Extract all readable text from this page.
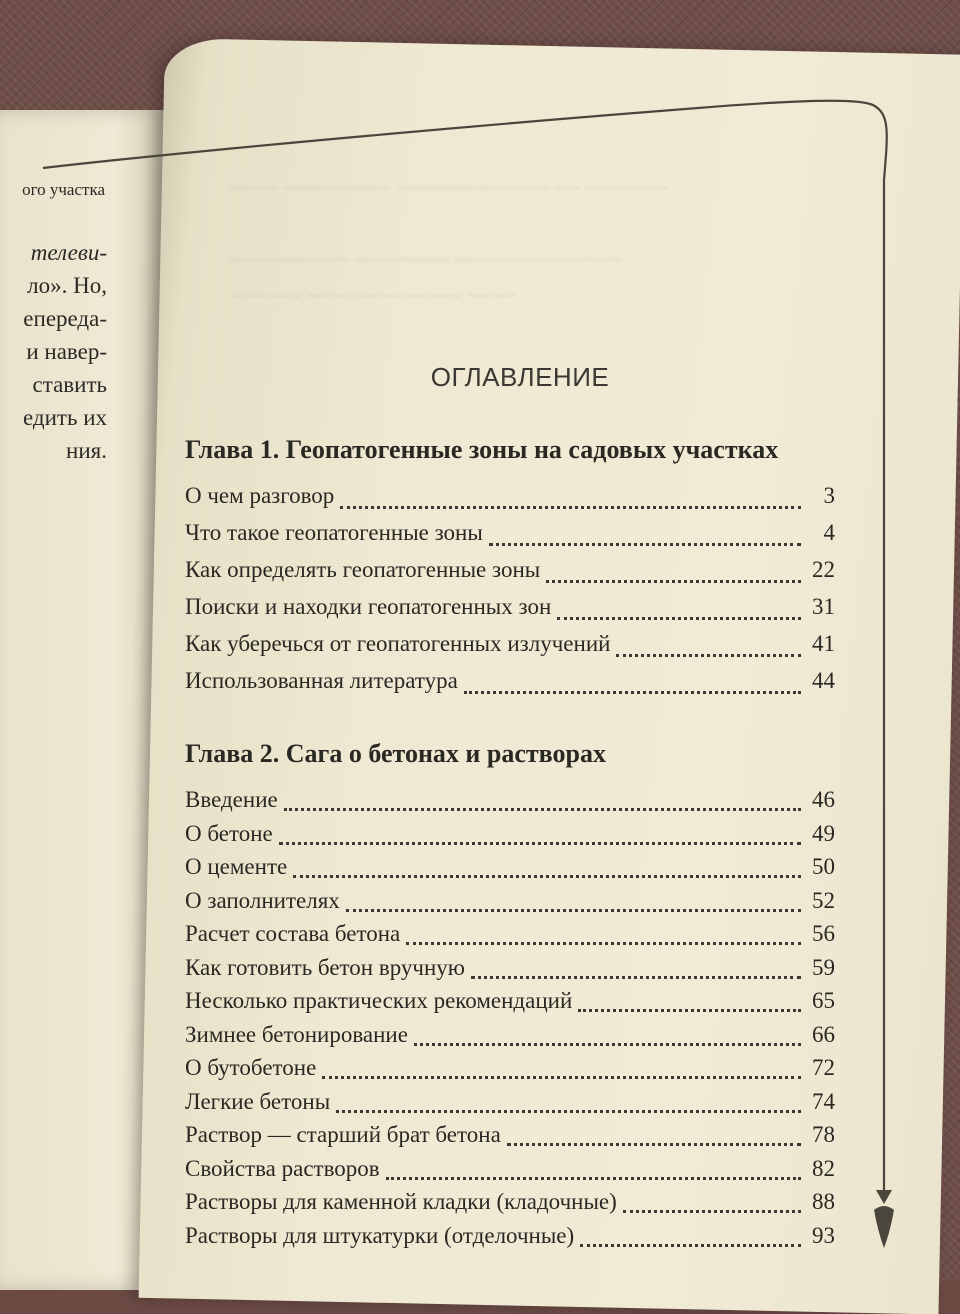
ого участка
телеви-
ло». Но,
епереда-
и навер-
ставить
едить их
ния.
~~~~ ~~~~~~~~~ ~~~~~~~~~~~~~ ~~ ~~~~~~~

~~~~~~~~~~ ~~~~~~~~ ~~~~~~~~~~~~~~
~~~~~~ ~~~~~~~~~~~~~ ~~~~
ОГЛАВЛЕНИЕ
Глава 1. Геопатогенные зоны на садовых участках
О чем разговор	3
Что такое геопатогенные зоны	4
Как определять геопатогенные зоны	22
Поиски и находки геопатогенных зон	31
Как уберечься от геопатогенных излучений	41
Использованная литература	44
Глава 2. Сага о бетонах и растворах
Введение	46
О бетоне	49
О цементе	50
О заполнителях	52
Расчет состава бетона	56
Как готовить бетон вручную	59
Несколько практических рекомендаций	65
Зимнее бетонирование	66
О бутобетоне	72
Легкие бетоны	74
Раствор — старший брат бетона	78
Свойства растворов	82
Растворы для каменной кладки (кладочные)	88
Растворы для штукатурки (отделочные)	93
